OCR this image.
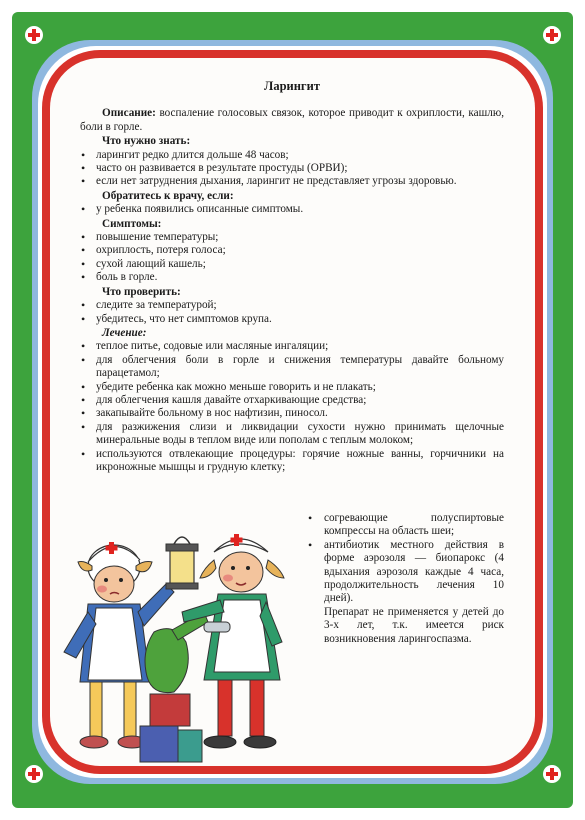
Ларингит

Описание: воспаление голосовых связок, которое приводит к охриплости, кашлю, боли в горле.

Что нужно знать:
• ларингит редко длится дольше 48 часов;
• часто он развивается в результате простуды (ОРВИ);
• если нет затруднения дыхания, ларингит не представляет угрозы здоровью.
Обратитесь к врачу, если:
• у ребенка появились описанные симптомы.
Симптомы:
• повышение температуры;
• охриплость, потеря голоса;
• сухой лающий кашель;
• боль в горле.
Что проверить:
• следите за температурой;
• убедитесь, что нет симптомов крупа.
Лечение:
• теплое питье, содовые или масляные ингаляции;
• для облегчения боли в горле и снижения температуры давайте больному парацетамол;
• убедите ребенка как можно меньше говорить и не плакать;
• для облегчения кашля давайте отхаркивающие средства;
• закапывайте больному в нос нафтизин, пиносол.
• для разжижения слизи и ликвидации сухости нужно принимать щелочные минеральные воды в теплом виде или пополам с теплым молоком;
• используются отвлекающие процедуры: горячие ножные ванны, горчичники на икроножные мышцы и грудную клетку;
• согревающие полуспиртовые компрессы на область шеи;
• антибиотик местного действия в форме аэрозоля — биопарокс (4 вдыхания аэрозоля каждые 4 часа, продолжительность лечения 10 дней).

Препарат не применяется у детей до 3-х лет, т.к. имеется риск возникновения ларингоспазма.
